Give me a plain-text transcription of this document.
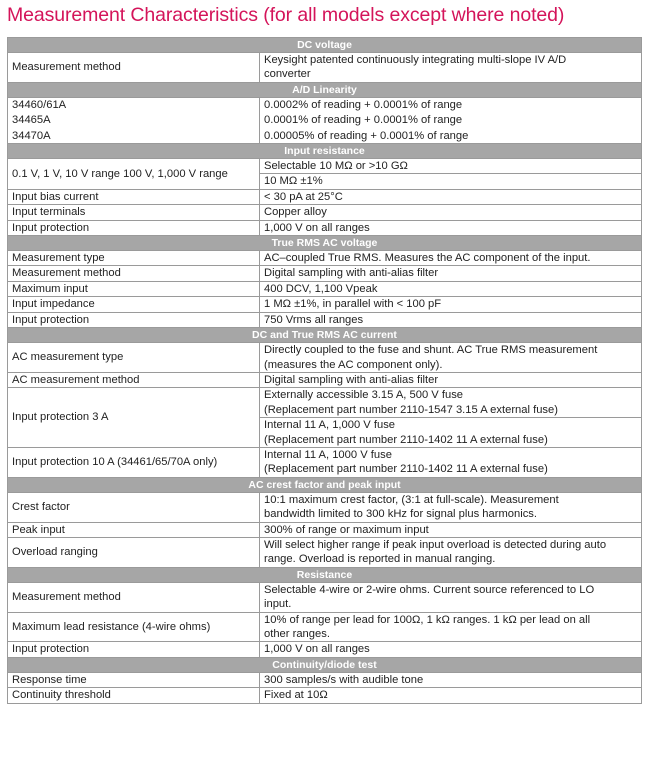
Measurement Characteristics (for all models except where noted)
DC voltage	
Measurement method	Keysight patented continuously integrating multi-slope IV A/D
converter

A/D Linearity	
34460/61A	0.0002% of reading + 0.0001% of range
34465A	0.0001% of reading + 0.0001% of range
34470A	0.00005% of reading + 0.0001% of range
Input resistance	
0.1 V, 1 V, 10 V range 100 V, 1,000 V range	Selectable 10 MΩ or >10 GΩ
	10 MΩ ±1%
Input bias current	< 30 pA at 25°C
Input terminals	Copper alloy
Input protection	1,000 V on all ranges
True RMS AC voltage	
Measurement type	AC–coupled True RMS. Measures the AC component of the input.
Measurement method	Digital sampling with anti-alias filter
Maximum input	400 DCV, 1,100 Vpeak
Input impedance	1 MΩ ±1%, in parallel with < 100 pF
Input protection	750 Vrms all ranges
DC and True RMS AC current	
AC measurement type	Directly coupled to the fuse and shunt. AC True RMS measurement
(measures the AC component only).

AC measurement method	Digital sampling with anti-alias filter
Input protection 3 A	Externally accessible 3.15 A, 500 V fuse
(Replacement part number 2110-1547 3.15 A external fuse)

	Internal 11 A, 1,000 V fuse
(Replacement part number 2110-1402 11 A external fuse)

Input protection 10 A (34461/65/70A only)	Internal 11 A, 1000 V fuse
(Replacement part number 2110-1402 11 A external fuse)

AC crest factor and peak input	
Crest factor	10:1 maximum crest factor, (3:1 at full-scale). Measurement
bandwidth limited to 300 kHz for signal plus harmonics.

Peak input	300% of range or maximum input
Overload ranging	Will select higher range if peak input overload is detected during auto
range. Overload is reported in manual ranging.

Resistance	
Measurement method	Selectable 4-wire or 2-wire ohms. Current source referenced to LO
input.

Maximum lead resistance (4-wire ohms)	10% of range per lead for 100Ω, 1 kΩ ranges. 1 kΩ per lead on all
other ranges.

Input protection	1,000 V on all ranges
Continuity/diode test	
Response time	300 samples/s with audible tone
Continuity threshold	Fixed at 10Ω
